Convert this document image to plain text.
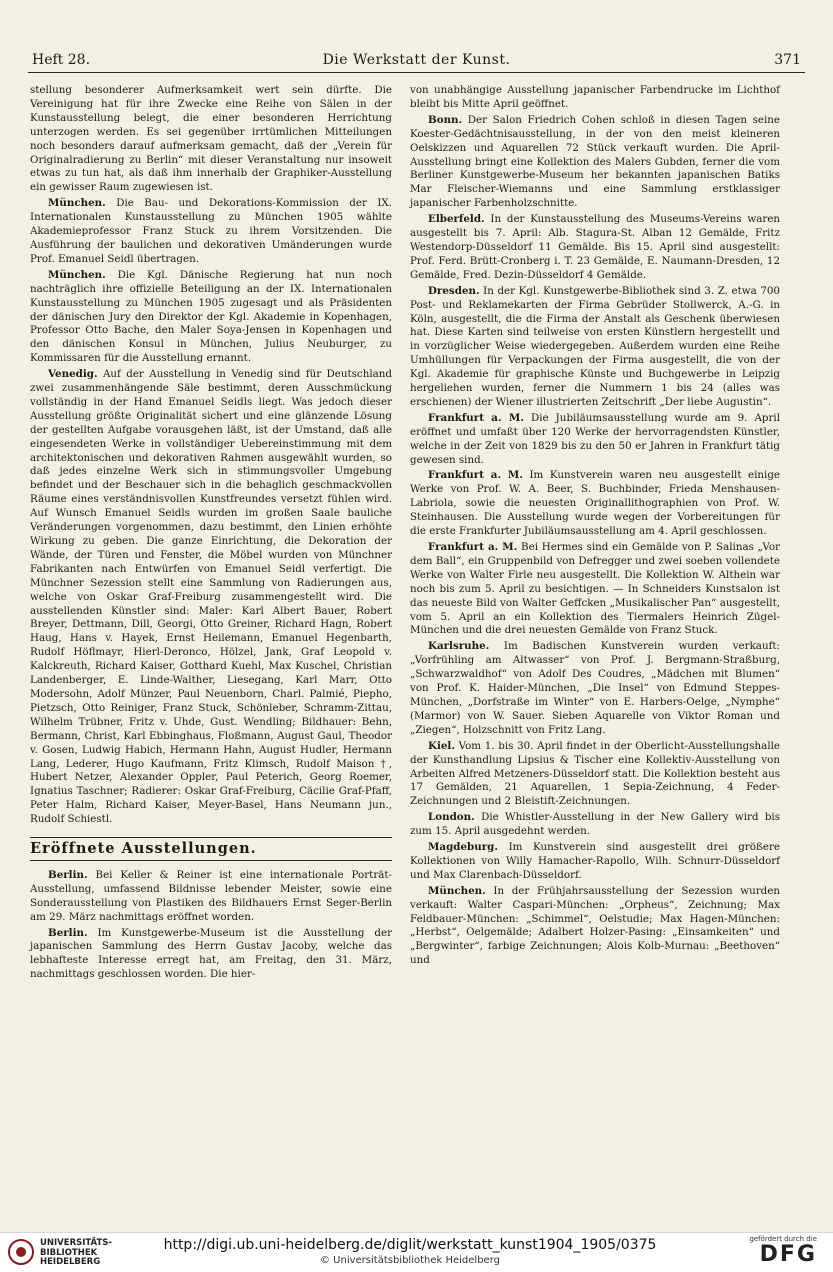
Heft 28.	Die Werkstatt der Kunst.	371

stellung besonderer Aufmerksamkeit wert sein dürfte. Die Vereinigung hat für ihre Zwecke eine Reihe von Sälen in der Kunstausstellung belegt, die einer besonderen Herrichtung unterzogen werden. Es sei gegenüber irrtümlichen Mitteilungen noch besonders darauf aufmerksam gemacht, daß der „Verein für Originalradierung zu Berlin“ mit dieser Veranstaltung nur insoweit etwas zu tun hat, als daß ihm innerhalb der Graphiker-Ausstellung ein gewisser Raum zugewiesen ist.

München. Die Bau- und Dekorations-Kommission der IX. Internationalen Kunstausstellung zu München 1905 wählte Akademieprofessor Franz Stuck zu ihrem Vorsitzenden. Die Ausführung der baulichen und dekorativen Umänderungen wurde Prof. Emanuel Seidl übertragen.

München. Die Kgl. Dänische Regierung hat nun noch nachträglich ihre offizielle Beteiligung an der IX. Internationalen Kunstausstellung zu München 1905 zugesagt und als Präsidenten der dänischen Jury den Direktor der Kgl. Akademie in Kopenhagen, Professor Otto Bache, den Maler Soya-Jensen in Kopenhagen und den dänischen Konsul in München, Julius Neuburger, zu Kommissaren für die Ausstellung ernannt.

Venedig. Auf der Ausstellung in Venedig sind für Deutschland zwei zusammenhängende Säle bestimmt, deren Ausschmückung vollständig in der Hand Emanuel Seidls liegt. Was jedoch dieser Ausstellung größte Originalität sichert und eine glänzende Lösung der gestellten Aufgabe vorausgehen läßt, ist der Umstand, daß alle eingesendeten Werke in vollständiger Uebereinstimmung mit dem architektonischen und dekorativen Rahmen ausgewählt wurden, so daß jedes einzelne Werk sich in stimmungsvoller Umgebung befindet und der Beschauer sich in die behaglich geschmackvollen Räume eines verständnisvollen Kunstfreundes versetzt fühlen wird. Auf Wunsch Emanuel Seidls wurden im großen Saale bauliche Veränderungen vorgenommen, dazu bestimmt, den Linien erhöhte Wirkung zu geben. Die ganze Einrichtung, die Dekoration der Wände, der Türen und Fenster, die Möbel wurden von Münchner Fabrikanten nach Entwürfen von Emanuel Seidl verfertigt. Die Münchner Sezession stellt eine Sammlung von Radierungen aus, welche von Oskar Graf-Freiburg zusammengestellt wird. Die ausstellenden Künstler sind: Maler: Karl Albert Bauer, Robert Breyer, Dettmann, Dill, Georgi, Otto Greiner, Richard Hagn, Robert Haug, Hans v. Hayek, Ernst Heilemann, Emanuel Hegenbarth, Rudolf Höflmayr, Hierl-Deronco, Hölzel, Jank, Graf Leopold v. Kalckreuth, Richard Kaiser, Gotthard Kuehl, Max Kuschel, Christian Landenberger, E. Linde-Walther, Liesegang, Karl Marr, Otto Modersohn, Adolf Münzer, Paul Neuenborn, Charl. Palmié, Piepho, Pietzsch, Otto Reiniger, Franz Stuck, Schönleber, Schramm-Zittau, Wilhelm Trübner, Fritz v. Uhde, Gust. Wendling; Bildhauer: Behn, Bermann, Christ, Karl Ebbinghaus, Floßmann, August Gaul, Theodor v. Gosen, Ludwig Habich, Hermann Hahn, August Hudler, Hermann Lang, Lederer, Hugo Kaufmann, Fritz Klimsch, Rudolf Maison †, Hubert Netzer, Alexander Oppler, Paul Peterich, Georg Roemer, Ignatius Taschner; Radierer: Oskar Graf-Freiburg, Cäcilie Graf-Pfaff, Peter Halm, Richard Kaiser, Meyer-Basel, Hans Neumann jun., Rudolf Schiestl.

Eröffnete Ausstellungen.

Berlin. Bei Keller & Reiner ist eine internationale Porträt-Ausstellung, umfassend Bildnisse lebender Meister, sowie eine Sonderausstellung von Plastiken des Bildhauers Ernst Seger-Berlin am 29. März nachmittags eröffnet worden.

Berlin. Im Kunstgewerbe-Museum ist die Ausstellung der japanischen Sammlung des Herrn Gustav Jacoby, welche das lebhafteste Interesse erregt hat, am Freitag, den 31. März, nachmittags geschlossen worden. Die hier-

von unabhängige Ausstellung japanischer Farbendrucke im Lichthof bleibt bis Mitte April geöffnet.

Bonn. Der Salon Friedrich Cohen schloß in diesen Tagen seine Koester-Gedächtnisausstellung, in der von den meist kleineren Oelskizzen und Aquarellen 72 Stück verkauft wurden. Die April-Ausstellung bringt eine Kollektion des Malers Gubden, ferner die vom Berliner Kunstgewerbe-Museum her bekannten japanischen Batiks Mar Fleischer-Wiemanns und eine Sammlung erstklassiger japanischer Farbenholzschnitte.

Elberfeld. In der Kunstausstellung des Museums-Vereins waren ausgestellt bis 7. April: Alb. Stagura-St. Alban 12 Gemälde, Fritz Westendorp-Düsseldorf 11 Gemälde. Bis 15. April sind ausgestellt: Prof. Ferd. Brütt-Cronberg i. T. 23 Gemälde, E. Naumann-Dresden, 12 Gemälde, Fred. Dezin-Düsseldorf 4 Gemälde.

Dresden. In der Kgl. Kunstgewerbe-Bibliothek sind 3. Z. etwa 700 Post- und Reklamekarten der Firma Gebrüder Stollwerck, A.-G. in Köln, ausgestellt, die die Firma der Anstalt als Geschenk überwiesen hat. Diese Karten sind teilweise von ersten Künstlern hergestellt und in vorzüglicher Weise wiedergegeben. Außerdem wurden eine Reihe Umhüllungen für Verpackungen der Firma ausgestellt, die von der Kgl. Akademie für graphische Künste und Buchgewerbe in Leipzig hergeliehen wurden, ferner die Nummern 1 bis 24 (alles was erschienen) der Wiener illustrierten Zeitschrift „Der liebe Augustin“.

Frankfurt a. M. Die Jubiläumsausstellung wurde am 9. April eröffnet und umfaßt über 120 Werke der hervorragendsten Künstler, welche in der Zeit von 1829 bis zu den 50 er Jahren in Frankfurt tätig gewesen sind.

Frankfurt a. M. Im Kunstverein waren neu ausgestellt einige Werke von Prof. W. A. Beer, S. Buchbinder, Frieda Menshausen-Labriola, sowie die neuesten Originallithographien von Prof. W. Steinhausen. Die Ausstellung wurde wegen der Vorbereitungen für die erste Frankfurter Jubiläumsausstellung am 4. April geschlossen.

Frankfurt a. M. Bei Hermes sind ein Gemälde von P. Salinas „Vor dem Ball“, ein Gruppenbild von Defregger und zwei soeben vollendete Werke von Walter Firle neu ausgestellt. Die Kollektion W. Althein war noch bis zum 5. April zu besichtigen. — In Schneiders Kunstsalon ist das neueste Bild von Walter Geffcken „Musikalischer Pan“ ausgestellt, vom 5. April an ein Kollektion des Tiermalers Heinrich Zügel-München und die drei neuesten Gemälde von Franz Stuck.

Karlsruhe. Im Badischen Kunstverein wurden verkauft: „Vorfrühling am Altwasser“ von Prof. J. Bergmann-Straßburg, „Schwarzwaldhof“ von Adolf Des Coudres, „Mädchen mit Blumen“ von Prof. K. Haider-München, „Die Insel“ von Edmund Steppes-München, „Dorfstraße im Winter“ von E. Harbers-Oelge, „Nymphe“ (Marmor) von W. Sauer. Sieben Aquarelle von Viktor Roman und „Ziegen“, Holzschnitt von Fritz Lang.

Kiel. Vom 1. bis 30. April findet in der Oberlicht-Ausstellungshalle der Kunsthandlung Lipsius & Tischer eine Kollektiv-Ausstellung von Arbeiten Alfred Metzeners-Düsseldorf statt. Die Kollektion besteht aus 17 Gemälden, 21 Aquarellen, 1 Sepia-Zeichnung, 4 Feder-Zeichnungen und 2 Bleistift-Zeichnungen.

London. Die Whistler-Ausstellung in der New Gallery wird bis zum 15. April ausgedehnt werden.

Magdeburg. Im Kunstverein sind ausgestellt drei größere Kollektionen von Willy Hamacher-Rapollo, Wilh. Schnurr-Düsseldorf und Max Clarenbach-Düsseldorf.

München. In der Frühjahrsausstellung der Sezession wurden verkauft: Walter Caspari-München: „Orpheus“, Zeichnung; Max Feldbauer-München: „Schimmel“, Oelstudie; Max Hagen-München: „Herbst“, Oelgemälde; Adalbert Holzer-Pasing: „Einsamkeiten“ und „Bergwinter“, farbige Zeichnungen; Alois Kolb-Murnau: „Beethoven“ und

UNIVERSITÄTS-
BIBLIOTHEK
HEIDELBERG
http://digi.ub.uni-heidelberg.de/diglit/werkstatt_kunst1904_1905/0375
© Universitätsbibliothek Heidelberg
gefördert durch die
DFG
